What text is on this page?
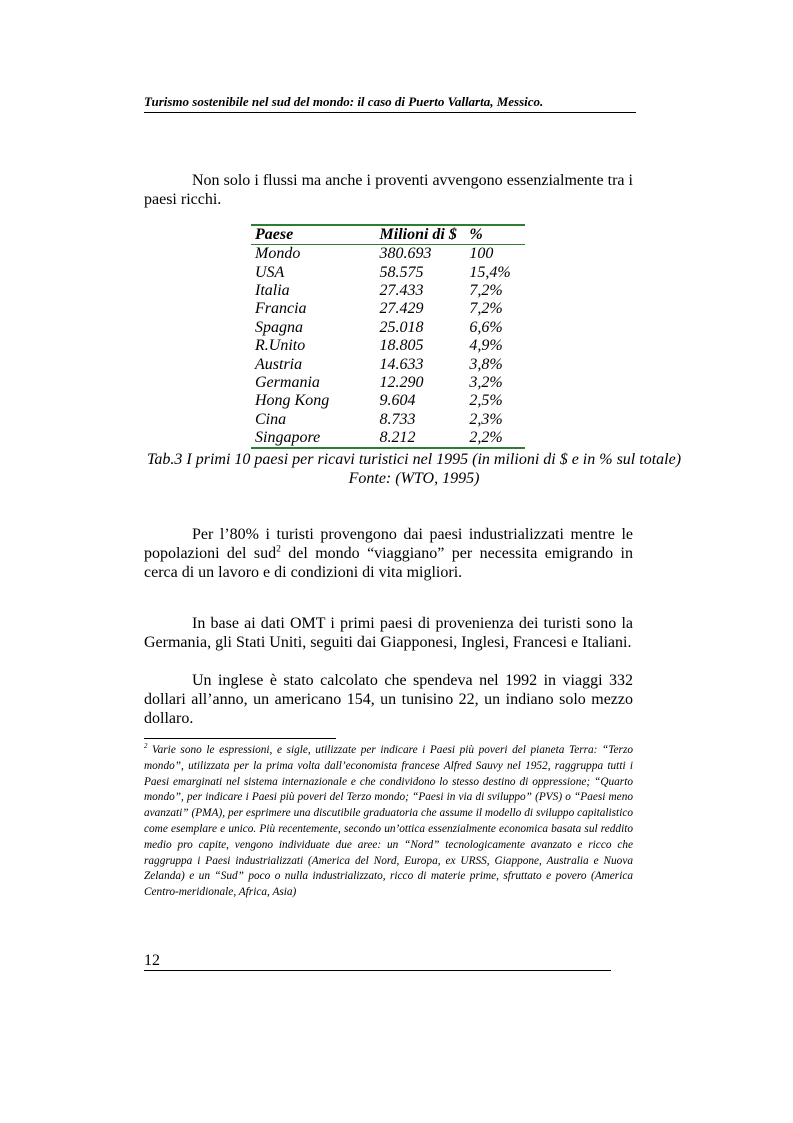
Turismo sostenibile nel sud del mondo: il caso di Puerto Vallarta, Messico.
Non solo i flussi ma anche i proventi avvengono essenzialmente tra i paesi ricchi.
Paese	Milioni di $	%
Mondo	380.693	100
USA	58.575	15,4%
Italia	27.433	7,2%
Francia	27.429	7,2%
Spagna	25.018	6,6%
R.Unito	18.805	4,9%
Austria	14.633	3,8%
Germania	12.290	3,2%
Hong Kong	9.604	2,5%
Cina	8.733	2,3%
Singapore	8.212	2,2%
Tab.3 I primi 10 paesi per ricavi turistici nel 1995 (in milioni di $ e in % sul totale) Fonte: (WTO, 1995)
Per l’80% i turisti provengono dai paesi industrializzati mentre le popolazioni del sud$^2$ del mondo “viaggiano” per necessita emigrando in cerca di un lavoro e di condizioni di vita migliori.
In base ai dati OMT i primi paesi di provenienza dei turisti sono la Germania, gli Stati Uniti, seguiti dai Giapponesi, Inglesi, Francesi e Italiani.
Un inglese è stato calcolato che spendeva nel 1992 in viaggi 332 dollari all’anno, un americano 154, un tunisino 22, un indiano solo mezzo dollaro.
$^2$ Varie sono le espressioni, e sigle, utilizzate per indicare i Paesi più poveri del pianeta Terra: “Terzo mondo”, utilizzata per la prima volta dall’economista francese Alfred Sauvy nel 1952, raggruppa tutti i Paesi emarginati nel sistema internazionale e che condividono lo stesso destino di oppressione; “Quarto mondo”, per indicare i Paesi più poveri del Terzo mondo; “Paesi in via di sviluppo” (PVS) o “Paesi meno avanzati” (PMA), per esprimere una discutibile graduatoria che assume il modello di sviluppo capitalistico come esemplare e unico. Più recentemente, secondo un’ottica essenzialmente economica basata sul reddito medio pro capite, vengono individuate due aree: un “Nord” tecnologicamente avanzato e ricco che raggruppa i Paesi industrializzati (America del Nord, Europa, ex URSS, Giappone, Australia e Nuova Zelanda) e un “Sud” poco o nulla industrializzato, ricco di materie prime, sfruttato e povero (America Centro-meridionale, Africa, Asia)
12
